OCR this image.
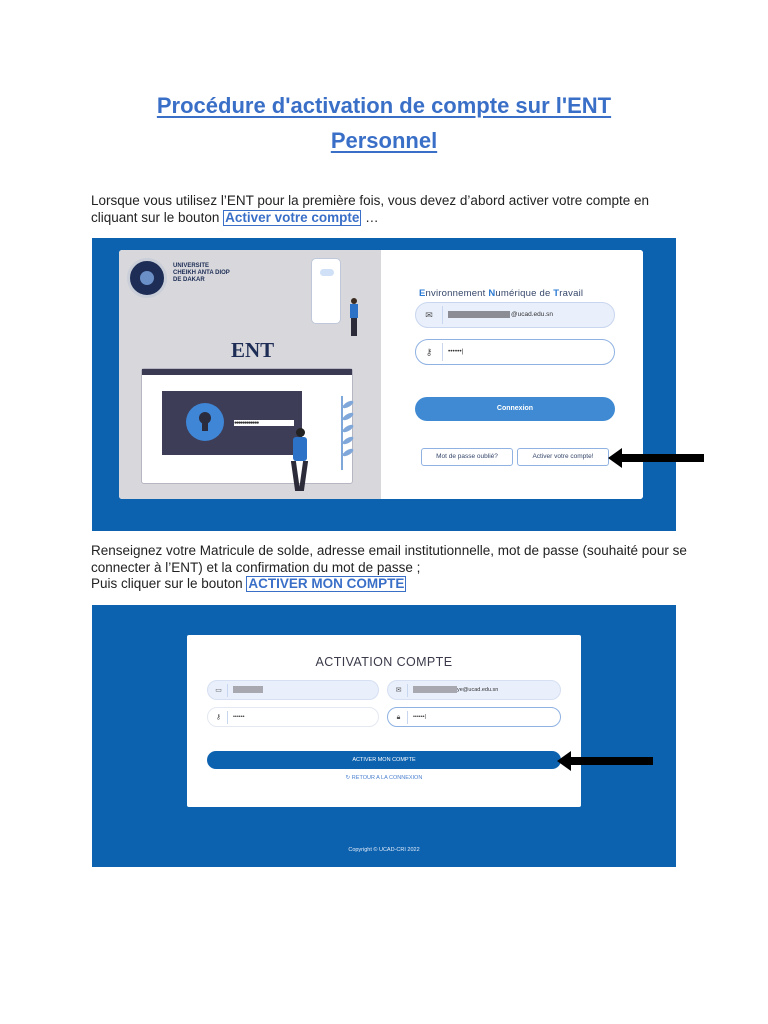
Procédure d'activation de compte sur l'ENT
Personnel

Lorsque vous utilisez l’ENT pour la première fois, vous devez d’abord activer votre compte en cliquant sur le bouton Activer votre compte …

UNIVERSITE
CHEIKH ANTA DIOP
DE DAKAR
ENT
●●●●●●●●●●●●
Environnement Numérique de Travail
✉	@ucad.edu.sn
⚷	••••••|
Connexion
Mot de passe oublié?	Activer votre compte!
Renseignez votre Matricule de solde, adresse email institutionnelle, mot de passe (souhaité pour se connecter à l’ENT) et la confirmation du mot de passe ;
Puis cliquer sur le bouton ACTIVER MON COMPTE
ACTIVATION COMPTE
▭	✉	ye@ucad.edu.sn
⚷	••••••	🔒︎	••••••|
ACTIVER MON COMPTE
↻ RETOUR A LA CONNEXION
Copyright © UCAD-CRI 2022
